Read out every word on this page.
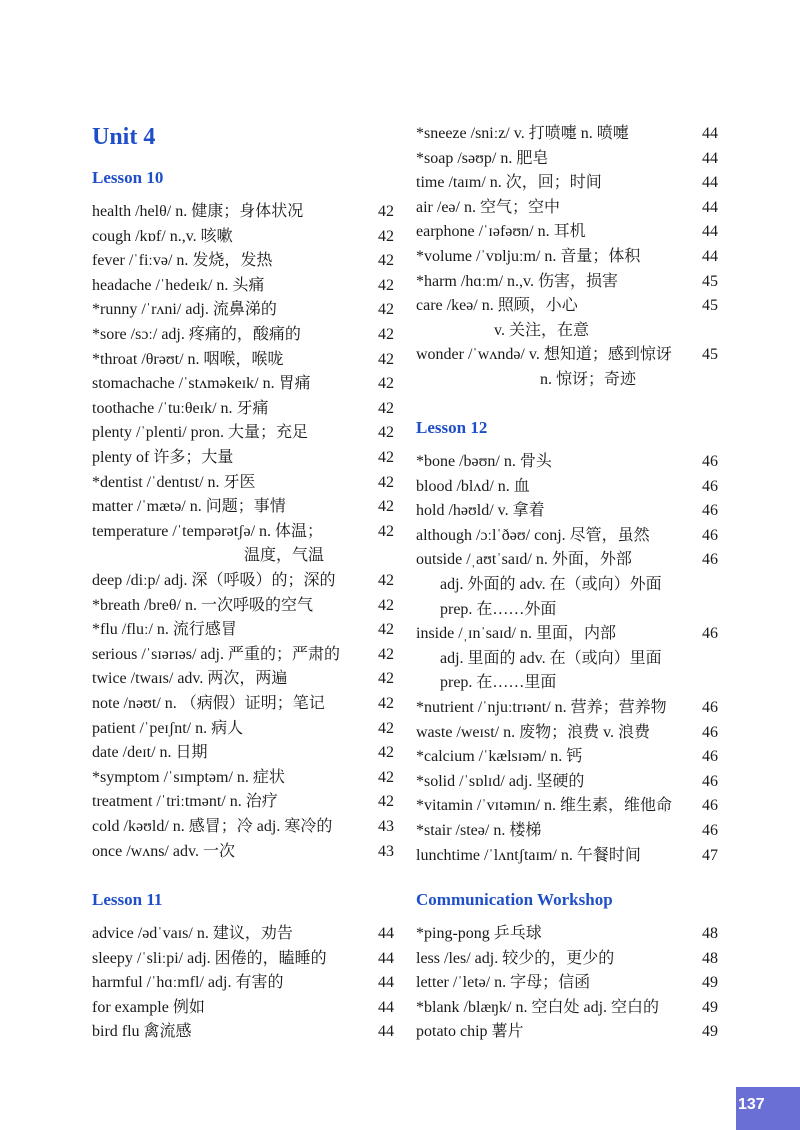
Unit 4
Lesson 10
health /helθ/ n. 健康；身体状况	42
cough /kɒf/ n.,v. 咳嗽	42
fever /ˈfiːvə/ n. 发烧，发热	42
headache /ˈhedeɪk/ n. 头痛	42
*runny /ˈrʌni/ adj. 流鼻涕的	42
*sore /sɔː/ adj. 疼痛的，酸痛的	42
*throat /θrəʊt/ n. 咽喉，喉咙	42
stomachache /ˈstʌməkeɪk/ n. 胃痛	42
toothache /ˈtuːθeɪk/ n. 牙痛	42
plenty /ˈplenti/ pron. 大量；充足	42
plenty of 许多；大量	42
*dentist /ˈdentɪst/ n. 牙医	42
matter /ˈmætə/ n. 问题；事情	42
temperature /ˈtempərətʃə/ n. 体温；	42
温度，气温
deep /diːp/ adj. 深（呼吸）的；深的	42
*breath /breθ/ n. 一次呼吸的空气	42
*flu /fluː/ n. 流行感冒	42
serious /ˈsɪərɪəs/ adj. 严重的；严肃的 42
twice /twaɪs/ adv. 两次，两遍	42
note /nəʊt/ n. （病假）证明；笔记	42
patient /ˈpeɪʃnt/ n. 病人	42
date /deɪt/ n. 日期	42
*symptom /ˈsɪmptəm/ n. 症状	42
treatment /ˈtriːtmənt/ n. 治疗	42
cold /kəʊld/ n. 感冒；冷 adj. 寒冷的	43
once /wʌns/ adv. 一次	43
Lesson 11
advice /ədˈvaɪs/ n. 建议，劝告	44
sleepy /ˈsliːpi/ adj. 困倦的，瞌睡的	44
harmful /ˈhɑːmfl/ adj. 有害的	44
for example 例如	44
bird flu 禽流感	44
*sneeze /sniːz/ v. 打喷嚏 n. 喷嚏	44
*soap /səʊp/ n. 肥皂	44
time /taɪm/ n. 次，回；时间	44
air /eə/ n. 空气；空中	44
earphone /ˈɪəfəʊn/ n. 耳机	44
*volume /ˈvɒljuːm/ n. 音量；体积	44
*harm /hɑːm/ n.,v. 伤害，损害	45
care /keə/ n. 照顾，小心	45
v. 关注，在意
wonder /ˈwʌndə/ v. 想知道；感到惊讶 45
n. 惊讶；奇迹
Lesson 12
*bone /bəʊn/ n. 骨头	46
blood /blʌd/ n. 血	46
hold /həʊld/ v. 拿着	46
although /ɔːlˈðəʊ/ conj. 尽管，虽然	46
outside /ˌaʊtˈsaɪd/ n. 外面，外部	46
adj. 外面的 adv. 在（或向）外面
prep. 在……外面
inside /ˌɪnˈsaɪd/ n. 里面，内部	46
adj. 里面的 adv. 在（或向）里面
prep. 在……里面
*nutrient /ˈnjuːtrɪənt/ n. 营养；营养物 46
waste /weɪst/ n. 废物；浪费 v. 浪费	46
*calcium /ˈkælsɪəm/ n. 钙	46
*solid /ˈsɒlɪd/ adj. 坚硬的	46
*vitamin /ˈvɪtəmɪn/ n. 维生素，维他命 46
*stair /steə/ n. 楼梯	46
lunchtime /ˈlʌntʃtaɪm/ n. 午餐时间	47
Communication Workshop
*ping-pong 乒乓球	48
less /les/ adj. 较少的，更少的	48
letter /ˈletə/ n. 字母；信函	49
*blank /blæŋk/ n. 空白处 adj. 空白的	49
potato chip 薯片	49
137
